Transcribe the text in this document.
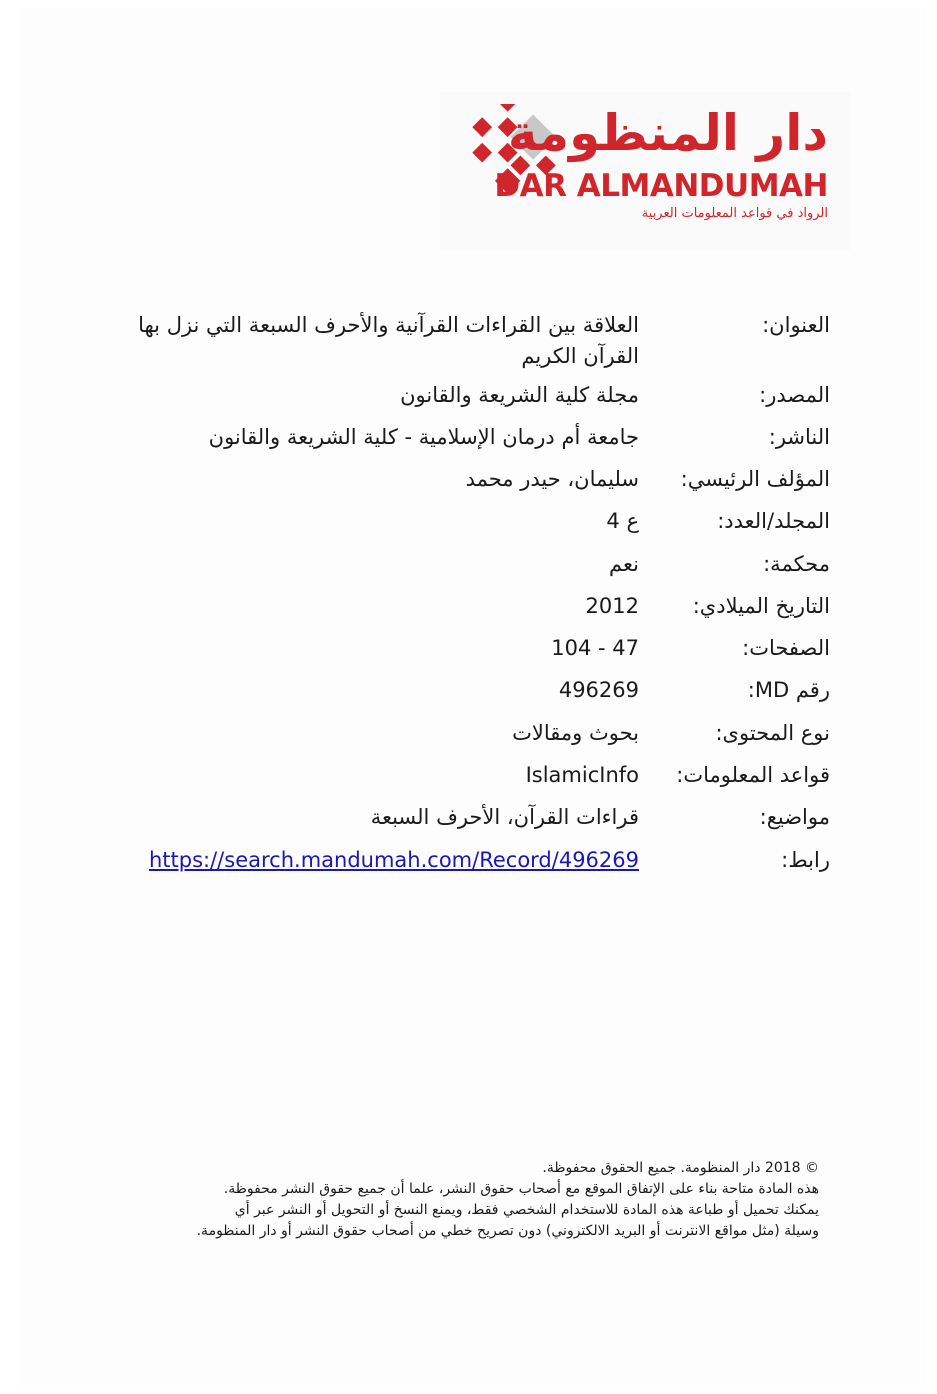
دار المنظومة
DAR ALMANDUMAH
الرواد في قواعد المعلومات العربية
العنوان:
العلاقة بين القراءات القرآنية والأحرف السبعة التي نزل بها القرآن الكريم
المصدر:
مجلة كلية الشريعة والقانون
الناشر:
جامعة أم درمان الإسلامية - كلية الشريعة والقانون
المؤلف الرئيسي:
سليمان، حيدر محمد
المجلد/العدد:
ع 4
محكمة:
نعم
التاريخ الميلادي:
2012
الصفحات:
47 - 104
رقم MD:
496269
نوع المحتوى:
بحوث ومقالات
قواعد المعلومات:
IslamicInfo
مواضيع:
قراءات القرآن، الأحرف السبعة
رابط:
https://search.mandumah.com/Record/496269
© 2018 دار المنظومة. جميع الحقوق محفوظة.
هذه المادة متاحة بناء على الإتفاق الموقع مع أصحاب حقوق النشر، علما أن جميع حقوق النشر محفوظة.
يمكنك تحميل أو طباعة هذه المادة للاستخدام الشخصي فقط، ويمنع النسخ أو التحويل أو النشر عبر أي
وسيلة (مثل مواقع الانترنت أو البريد الالكتروني) دون تصريح خطي من أصحاب حقوق النشر أو دار المنظومة.
